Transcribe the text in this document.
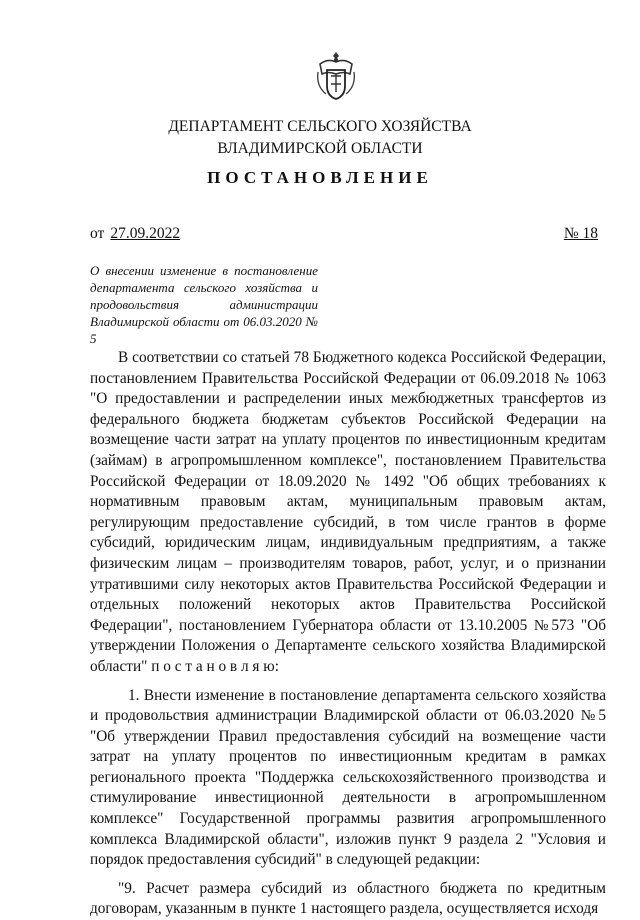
ДЕПАРТАМЕНТ СЕЛЬСКОГО ХОЗЯЙСТВА
ВЛАДИМИРСКОЙ ОБЛАСТИ
ПОСТАНОВЛЕНИЕ
от 27.09.2022	№ 18
О внесении изменение в постановление департамента сельского хозяйства и продовольствия администрации Владимирской области от 06.03.2020 № 5

В соответствии со статьей 78 Бюджетного кодекса Российской Федерации, постановлением Правительства Российской Федерации от 06.09.2018 № 1063 "О предоставлении и распределении иных межбюджетных трансфертов из федерального бюджета бюджетам субъектов Российской Федерации на возмещение части затрат на уплату процентов по инвестиционным кредитам (займам) в агропромышленном комплексе", постановлением Правительства Российской Федерации от 18.09.2020 № 1492 "Об общих требованиях к нормативным правовым актам, муниципальным правовым актам, регулирующим предоставление субсидий, в том числе грантов в форме субсидий, юридическим лицам, индивидуальным предприятиям, а также физическим лицам – производителям товаров, работ, услуг, и о признании утратившими силу некоторых актов Правительства Российской Федерации и отдельных положений некоторых актов Правительства Российской Федерации", постановлением Губернатора области от 13.10.2005 №573 "Об утверждении Положения о Департаменте сельского хозяйства Владимирской области" п о с т а н о в л я ю:

1. Внести изменение в постановление департамента сельского хозяйства и продовольствия администрации Владимирской области от 06.03.2020 №5 "Об утверждении Правил предоставления субсидий на возмещение части затрат на уплату процентов по инвестиционным кредитам в рамках регионального проекта "Поддержка сельскохозяйственного производства и стимулирование инвестиционной деятельности в агропромышленном комплексе" Государственной программы развития агропромышленного комплекса Владимирской области", изложив пункт 9 раздела 2 "Условия и порядок предоставления субсидий" в следующей редакции:

"9. Расчет размера субсидий из областного бюджета по кредитным договорам, указанным в пункте 1 настоящего раздела, осуществляется исходя
